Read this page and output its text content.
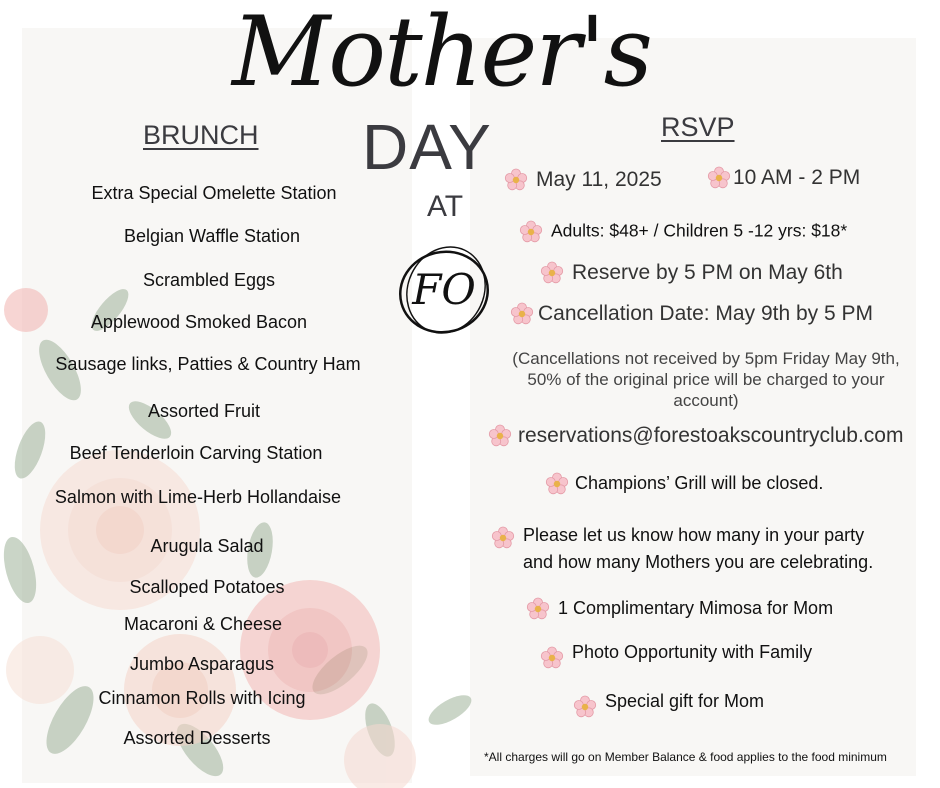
Mother's
DAY
AT
FO
BRUNCH
Extra Special Omelette Station
Belgian Waffle Station
Scrambled Eggs
Applewood Smoked Bacon
Sausage links, Patties & Country Ham
Assorted Fruit
Beef Tenderloin Carving Station
Salmon with Lime-Herb Hollandaise
Arugula Salad
Scalloped Potatoes
Macaroni & Cheese
Jumbo Asparagus
Cinnamon Rolls with Icing
Assorted Desserts
RSVP
May 11, 2025	10 AM - 2 PM
Adults: $48+ / Children 5 -12 yrs: $18*
Reserve by 5 PM on May 6th
Cancellation Date: May 9th by 5 PM
(Cancellations not received by 5pm Friday May 9th, 50% of the original price will be charged to your account)
reservations@forestoakscountryclub.com
Champions’ Grill will be closed.
Please let us know how many in your party
and how many Mothers you are celebrating.
1 Complimentary Mimosa for Mom
Photo Opportunity with Family
Special gift for Mom
*All charges will go on Member Balance & food applies to the food minimum
